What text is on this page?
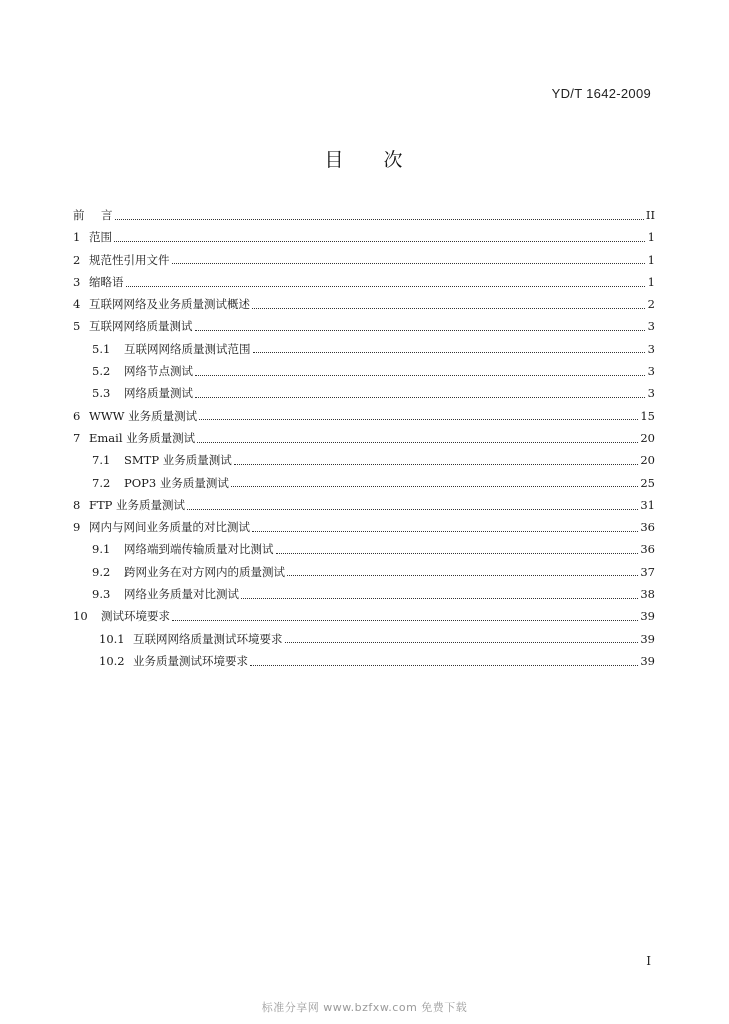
YD/T 1642-2009
目 次
前	言	II
1 范围	1
2 规范性引用文件	1
3 缩略语	1
4 互联网网络及业务质量测试概述	2
5 互联网网络质量测试	3
5.1	互联网网络质量测试范围	3
5.2	网络节点测试	3
5.3	网络质量测试	3
6 WWW 业务质量测试	15
7 Email 业务质量测试	20
7.1	SMTP 业务质量测试	20
7.2	POP3 业务质量测试	25
8 FTP 业务质量测试	31
9 网内与网间业务质量的对比测试	36
9.1	网络端到端传输质量对比测试	36
9.2	跨网业务在对方网内的质量测试	37
9.3	网络业务质量对比测试	38
10	测试环境要求	39
10.1 互联网网络质量测试环境要求	39
10.2 业务质量测试环境要求	39
I
标准分享网 www.bzfxw.com 免费下载
